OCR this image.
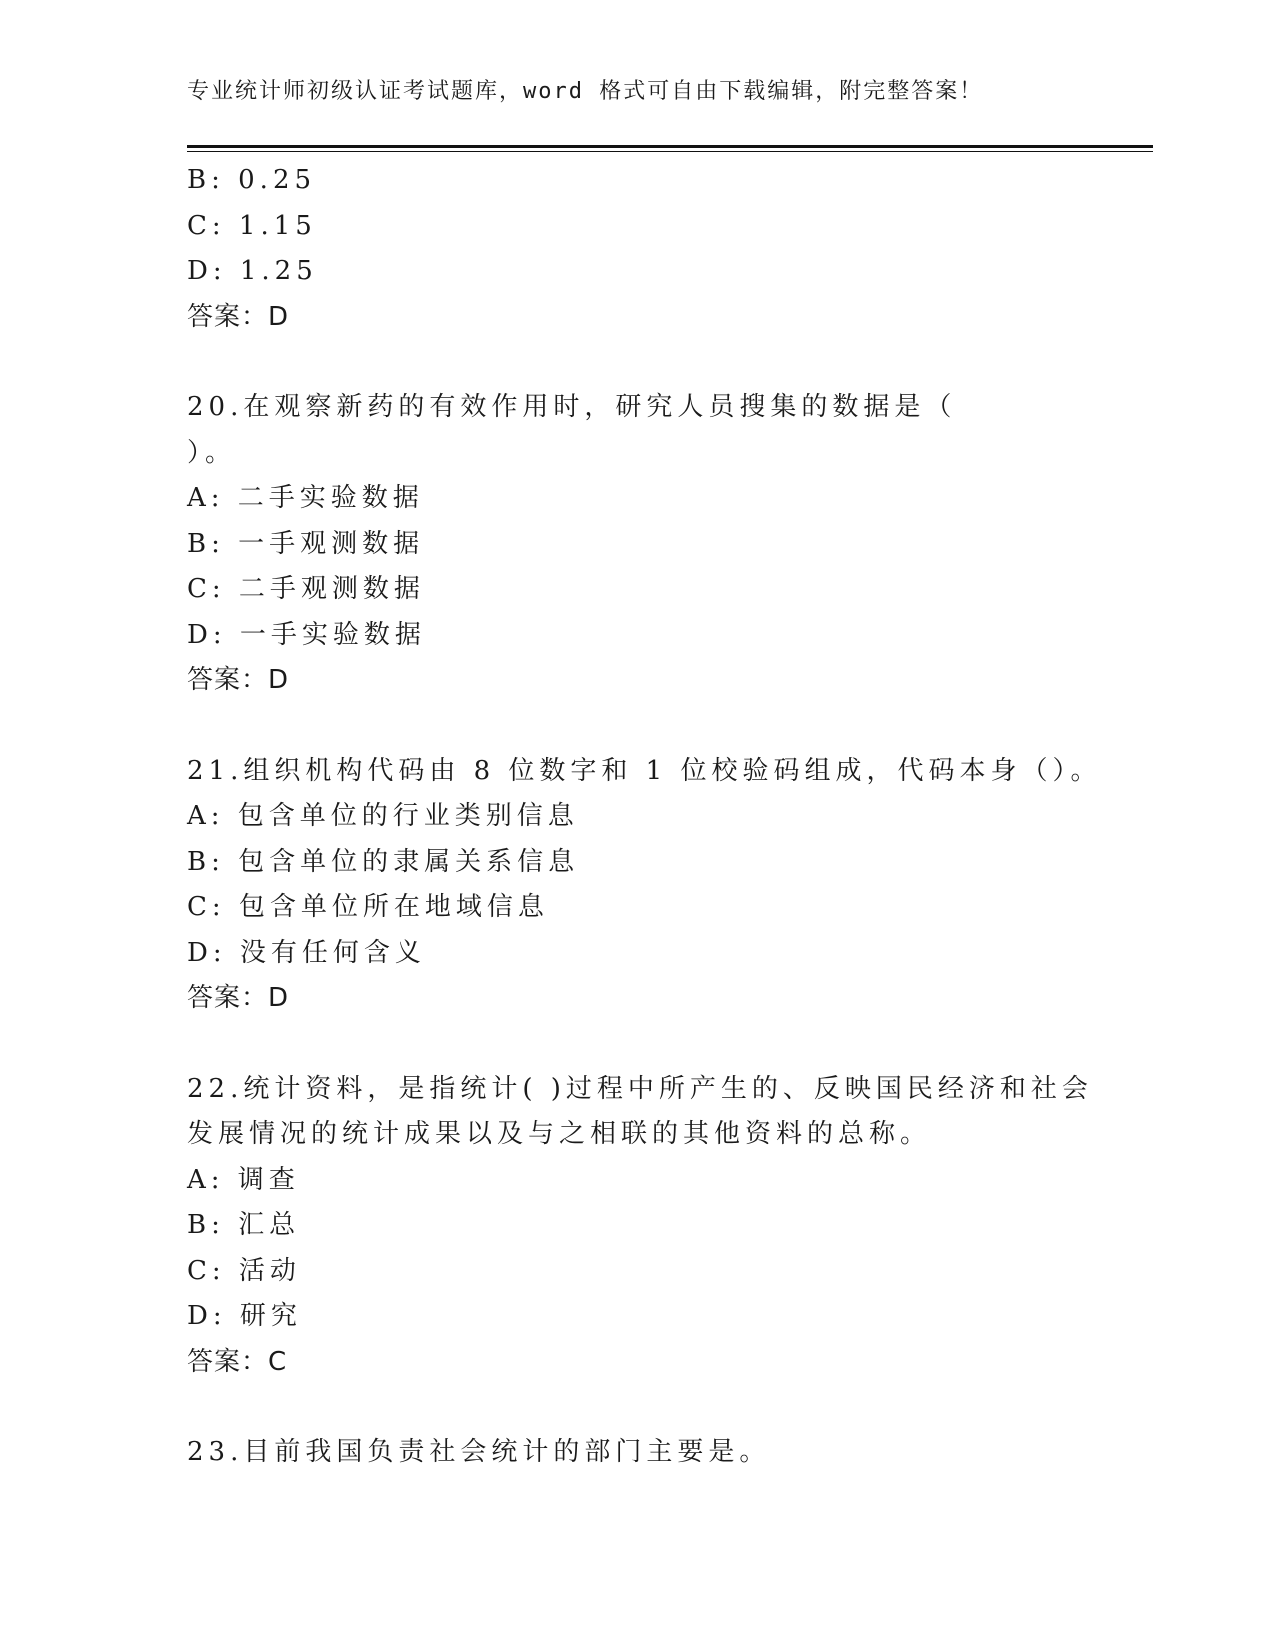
专业统计师初级认证考试题库，word 格式可自由下载编辑，附完整答案！
B: 0.25
C: 1.15
D: 1.25
答案：D
20.在观察新药的有效作用时，研究人员搜集的数据是（
）。
A: 二手实验数据
B: 一手观测数据
C: 二手观测数据
D: 一手实验数据
答案：D
21.组织机构代码由 8 位数字和 1 位校验码组成，代码本身（）。
A: 包含单位的行业类别信息
B: 包含单位的隶属关系信息
C: 包含单位所在地域信息
D: 没有任何含义
答案：D
22.统计资料，是指统计( )过程中所产生的、反映国民经济和社会
发展情况的统计成果以及与之相联的其他资料的总称。
A: 调查
B: 汇总
C: 活动
D: 研究
答案：C
23.目前我国负责社会统计的部门主要是。
